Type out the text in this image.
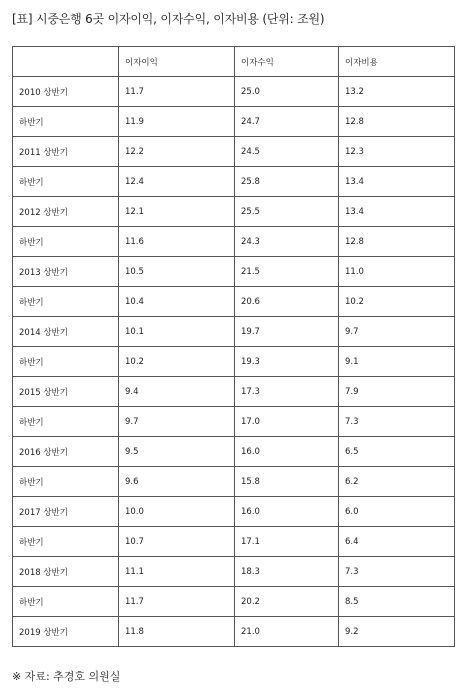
[표] 시중은행 6곳 이자이익, 이자수익, 이자비용 (단위: 조원)
	이자이익	이자수익	이자비용
2010 상반기	11.7	25.0	13.2
하반기	11.9	24.7	12.8
2011 상반기	12.2	24.5	12.3
하반기	12.4	25.8	13.4
2012 상반기	12.1	25.5	13.4
하반기	11.6	24.3	12.8
2013 상반기	10.5	21.5	11.0
하반기	10.4	20.6	10.2
2014 상반기	10.1	19.7	9.7
하반기	10.2	19.3	9.1
2015 상반기	9.4	17.3	7.9
하반기	9.7	17.0	7.3
2016 상반기	9.5	16.0	6.5
하반기	9.6	15.8	6.2
2017 상반기	10.0	16.0	6.0
하반기	10.7	17.1	6.4
2018 상반기	11.1	18.3	7.3
하반기	11.7	20.2	8.5
2019 상반기	11.8	21.0	9.2
※ 자료: 추경호 의원실
